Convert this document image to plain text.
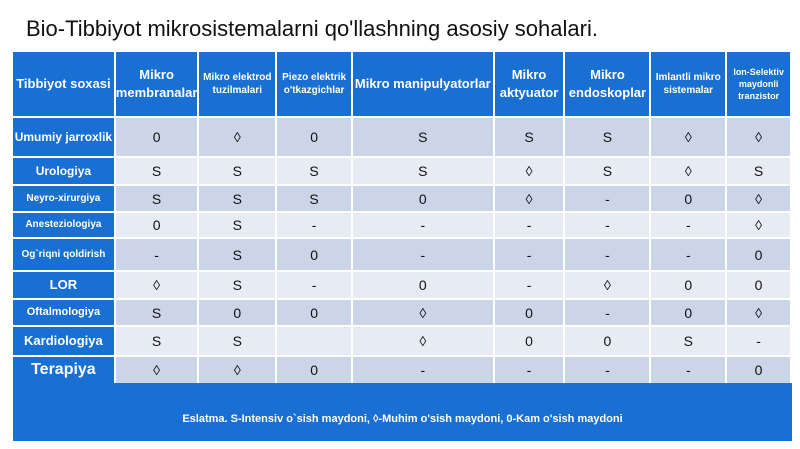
Bio-Tibbiyot mikrosistemalarni qo'llashning asosiy sohalari.
Tibbiyot soxasi	Mikro membranalar	Mikro elektrod tuzilmalari	Piezo elektrik o'tkazgichlar	Mikro manipulyatorlar	Mikro aktyuator	Mikro endoskoplar	Imlantli mikro sistemalar	Ion-Selektiv maydonli tranzistor
Umumiy jarroxlik	0	◊	0	S	S	S	◊	◊
Urologiya	S	S	S	S	◊	S	◊	S
Neyro-xirurgiya	S	S	S	0	◊	-	0	◊
Anesteziologiya	0	S	-	-	-	-	-	◊
Og`riqni qoldirish	-	S	0	-	-	-	-	0
LOR	◊	S	-	0	-	◊	0	0
Oftalmologiya	S	0	0	◊	0	-	0	◊
Kardiologiya	S	S		◊	0	0	S	-
Terapiya	◊	◊	0	-	-	-	-	0
Eslatma. S-Intensiv o`sish maydoni, ◊-Muhim o'sish maydoni, 0-Kam o'sish maydoni
